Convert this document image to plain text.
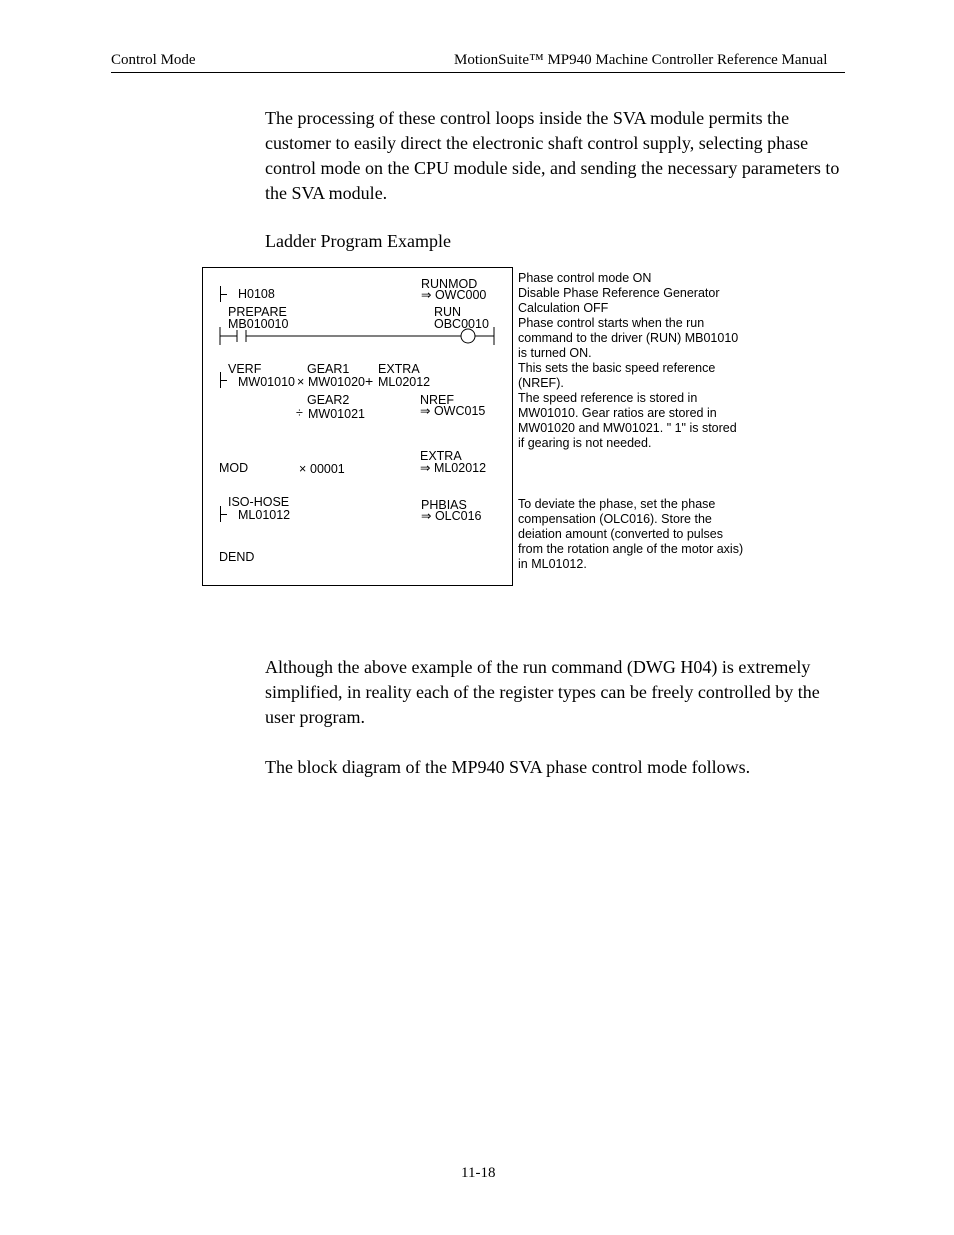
Control Mode	MotionSuite™ MP940 Machine Controller Reference Manual
The processing of these control loops inside the SVA module permits the customer to easily direct the electronic shaft control supply, selecting phase control mode on the CPU module side, and sending the necessary parameters to the SVA module.
Ladder Program Example
H0108
RUNMOD
⇒ OWC000
PREPARE
MB010010
RUN
OBC0010
VERF	GEAR1 EXTRA
MW01010 × MW01020 + ML02012
GEAR2
÷ MW01021
NREF
⇒ OWC015
EXTRA
MOD	× 00001	⇒ ML02012
ISO-HOSE
ML01012
PHBIAS
⇒ OLC016
DEND
Phase control mode ON
Disable Phase Reference Generator
Calculation OFF
Phase control starts when the run
command to the driver (RUN) MB01010
is turned ON.
This sets the basic speed reference
(NREF).
The speed reference is stored in
MW01010. Gear ratios are stored in
MW01020 and MW01021. " 1" is stored
if gearing is not needed.
To deviate the phase, set the phase
compensation (OLC016). Store the
deiation amount (converted to pulses
from the rotation angle of the motor axis)
in ML01012.
Although the above example of the run command (DWG H04) is extremely simplified, in reality each of the register types can be freely controlled by the user program.
The block diagram of the MP940 SVA phase control mode follows.
11-18
